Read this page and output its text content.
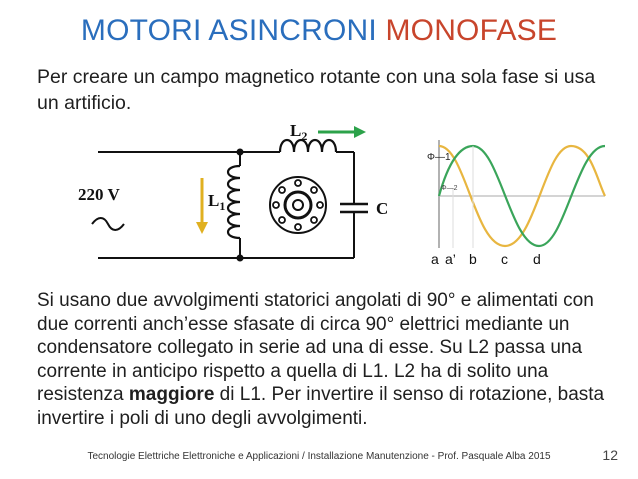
MOTORI ASINCRONI MONOFASE
Per creare un campo magnetico rotante con una sola fase si usa un artificio.
220 V	$L_1$
$L_2$
C
Φ—1
Φ—2
a a’ b c d
Si usano due avvolgimenti statorici angolati di 90° e alimentati con due correnti anch’esse sfasate di circa 90° elettrici mediante un condensatore collegato in serie ad una di esse. Su L2 passa una corrente in anticipo rispetto a quella di L1. L2 ha di solito una resistenza maggiore di L1. Per invertire il senso di rotazione, basta invertire i poli di uno degli avvolgimenti.
Tecnologie Elettriche Elettroniche e Applicazioni / Installazione Manutenzione - Prof. Pasquale Alba 2015	12
